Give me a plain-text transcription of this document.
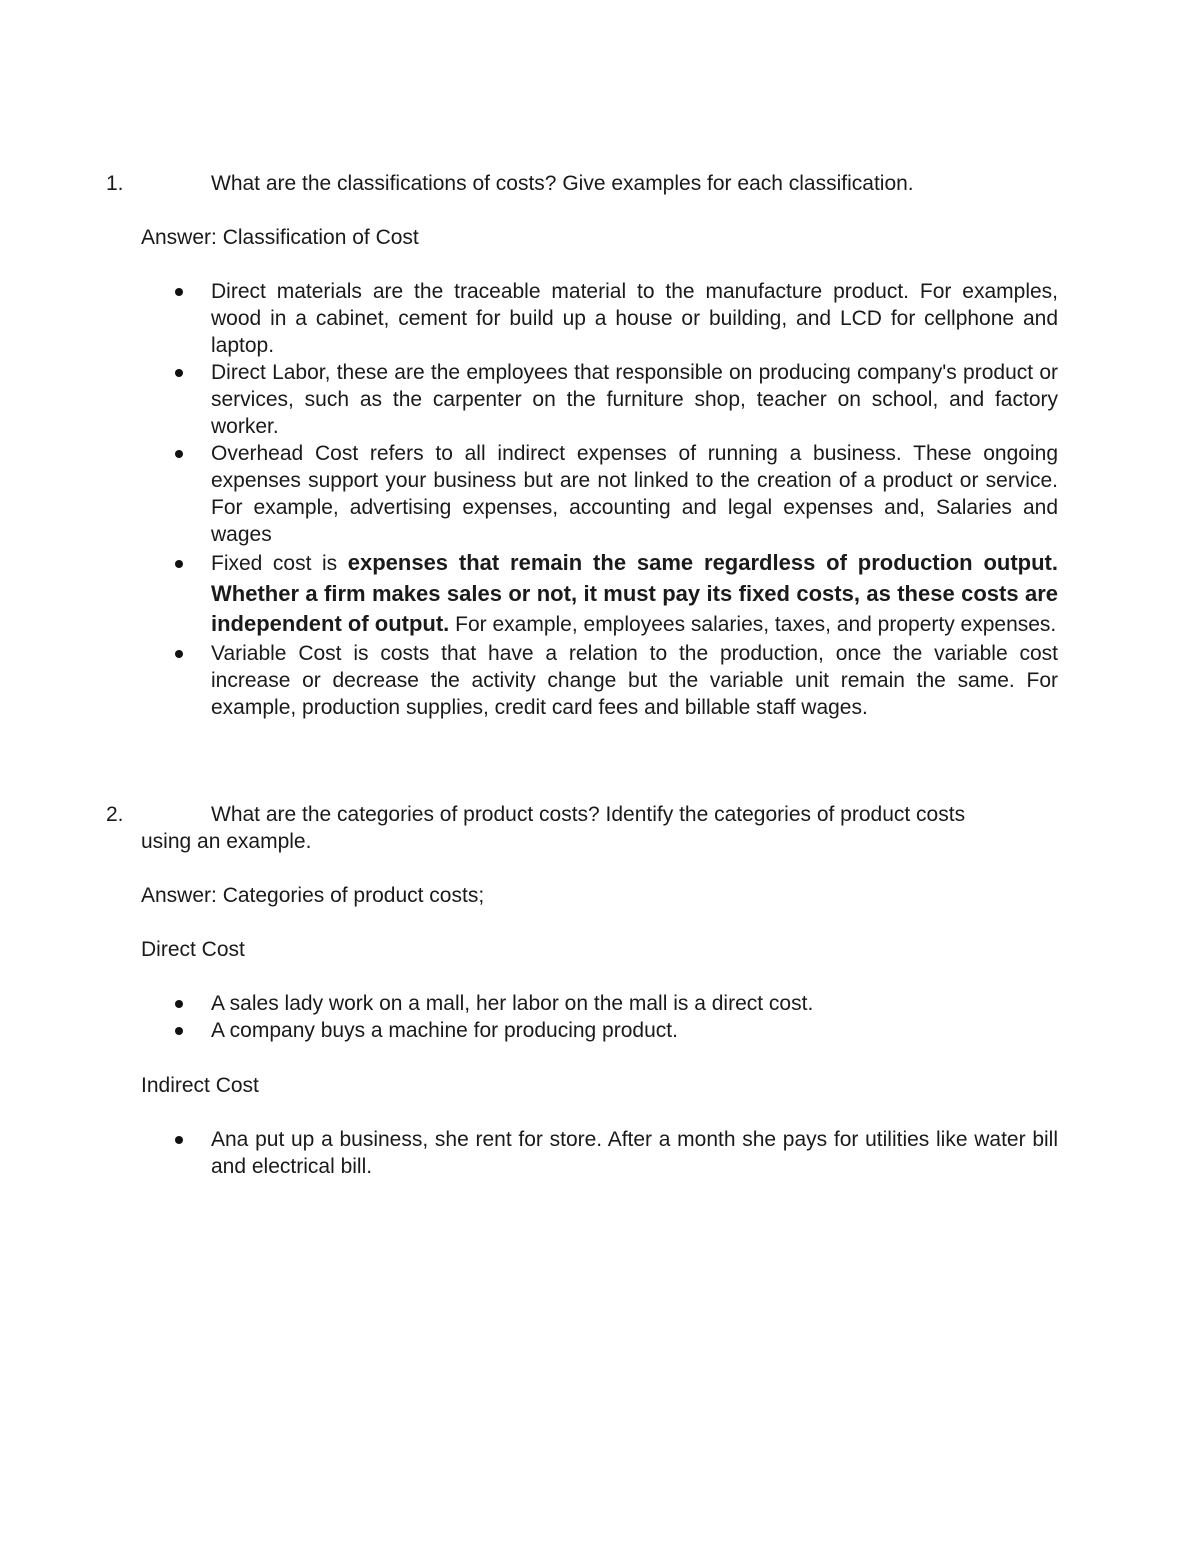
1.	What are the classifications of costs? Give examples for each classification.

Answer: Classification of Cost

Direct materials are the traceable material to the manufacture product. For examples, wood in a cabinet, cement for build up a house or building, and LCD for cellphone and laptop.
Direct Labor, these are the employees that responsible on producing company's product or services, such as the carpenter on the furniture shop, teacher on school, and factory worker.
Overhead Cost refers to all indirect expenses of running a business. These ongoing expenses support your business but are not linked to the creation of a product or service. For example, advertising expenses, accounting and legal expenses and, Salaries and wages
Fixed cost is expenses that remain the same regardless of production output. Whether a firm makes sales or not, it must pay its fixed costs, as these costs are independent of output. For example, employees salaries, taxes, and property expenses.
Variable Cost is costs that have a relation to the production, once the variable cost increase or decrease the activity change but the variable unit remain the same. For example, production supplies, credit card fees and billable staff wages.
2.	What are the categories of product costs? Identify the categories of product costs
using an example.

Answer: Categories of product costs;

Direct Cost

A sales lady work on a mall, her labor on the mall is a direct cost.
A company buys a machine for producing product.

Indirect Cost

Ana put up a business, she rent for store. After a month she pays for utilities like water bill and electrical bill.
